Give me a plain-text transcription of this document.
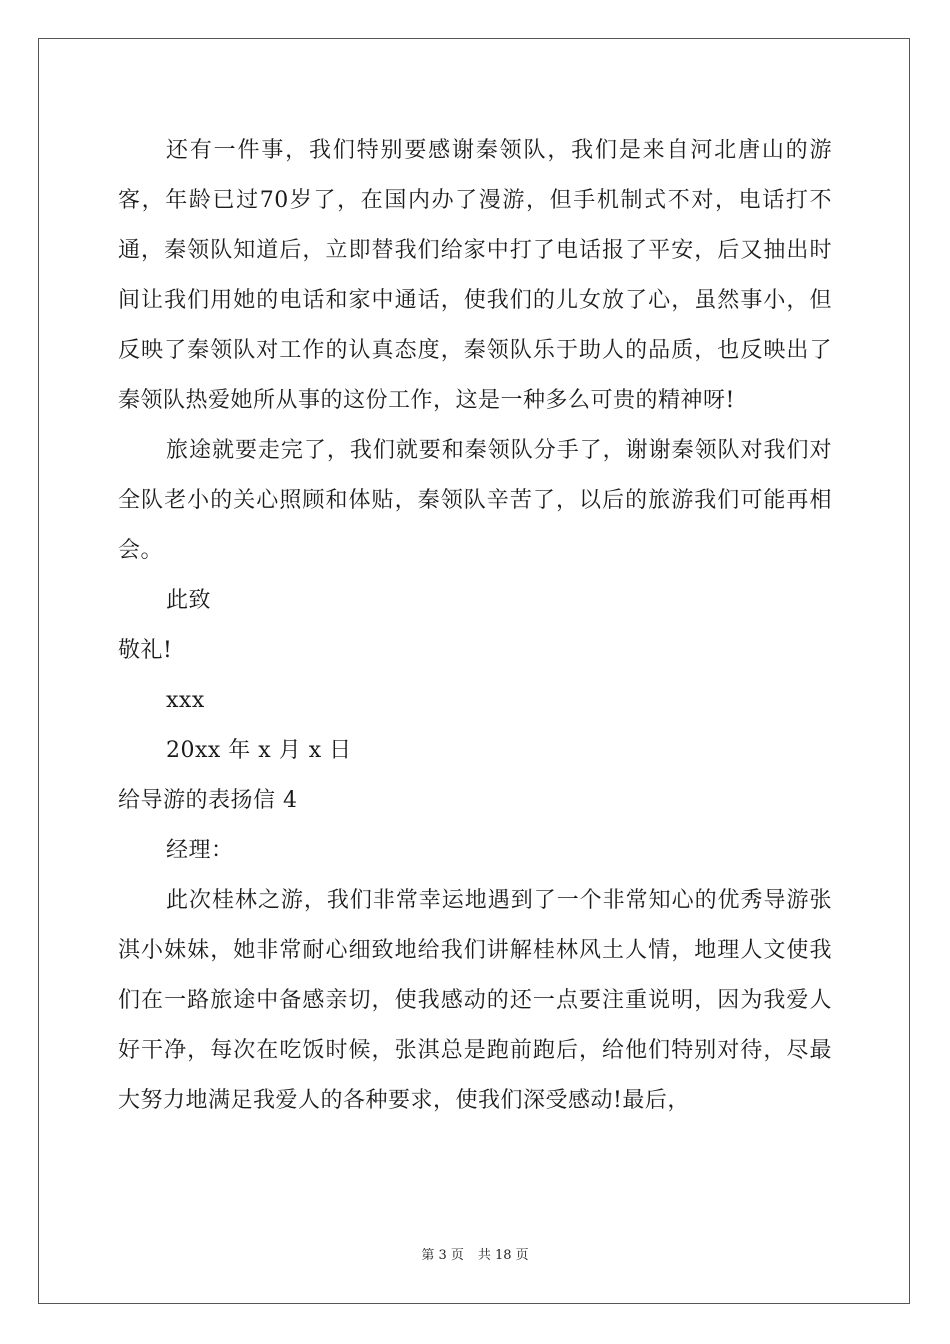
还有一件事，我们特别要感谢秦领队，我们是来自河北唐山的游客，年龄已过70岁了，在国内办了漫游，但手机制式不对，电话打不通，秦领队知道后，立即替我们给家中打了电话报了平安，后又抽出时间让我们用她的电话和家中通话，使我们的儿女放了心，虽然事小，但反映了秦领队对工作的认真态度，秦领队乐于助人的品质，也反映出了秦领队热爱她所从事的这份工作，这是一种多么可贵的精神呀!

旅途就要走完了，我们就要和秦领队分手了，谢谢秦领队对我们对全队老小的关心照顾和体贴，秦领队辛苦了，以后的旅游我们可能再相会。

此致

敬礼!

xxx

20xx 年 x 月 x 日

给导游的表扬信 4

经理：

此次桂林之游，我们非常幸运地遇到了一个非常知心的优秀导游张淇小妹妹，她非常耐心细致地给我们讲解桂林风土人情，地理人文使我们在一路旅途中备感亲切，使我感动的还一点要注重说明，因为我爱人好干净，每次在吃饭时候，张淇总是跑前跑后，给他们特别对待，尽最大努力地满足我爱人的各种要求，使我们深受感动!最后，

第 3 页 共 18 页
